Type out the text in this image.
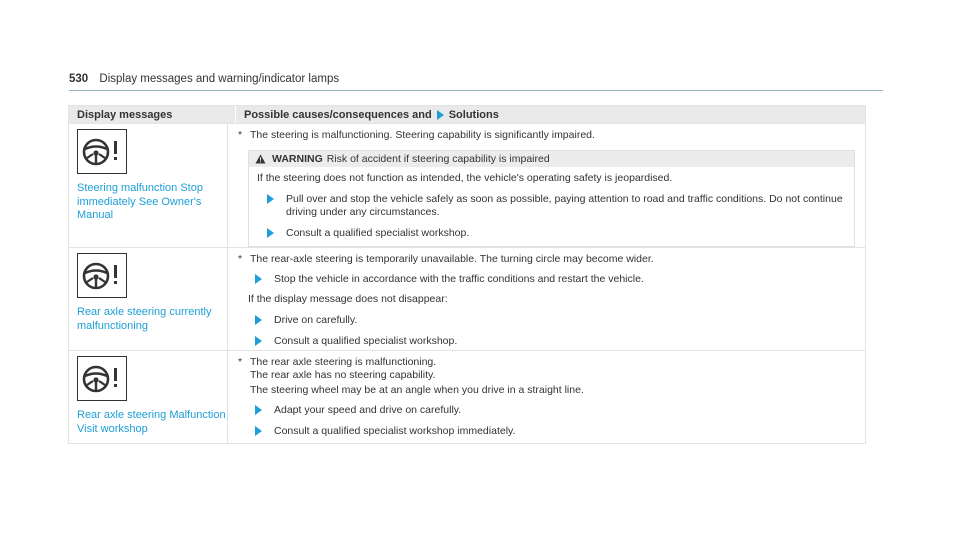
530 Display messages and warning/indicator lamps
Display messages	Possible causes/consequences and Solutions
Steering malfunction Stop immediately See Owner's Manual
* The steering is malfunctioning. Steering capability is significantly impaired.
WARNING Risk of accident if steering capability is impaired
If the steering does not function as intended, the vehicle's operating safety is jeopardised.
Pull over and stop the vehicle safely as soon as possible, paying attention to road and traffic conditions. Do not continue driving under any circumstances.
Consult a qualified specialist workshop.
Rear axle steering currently malfunctioning
* The rear-axle steering is temporarily unavailable. The turning circle may become wider.
Stop the vehicle in accordance with the traffic conditions and restart the vehicle.
If the display message does not disappear:
Drive on carefully.
Consult a qualified specialist workshop.
Rear axle steering Malfunction Visit workshop
* The rear axle steering is malfunctioning.
The rear axle has no steering capability.
The steering wheel may be at an angle when you drive in a straight line.
Adapt your speed and drive on carefully.
Consult a qualified specialist workshop immediately.
